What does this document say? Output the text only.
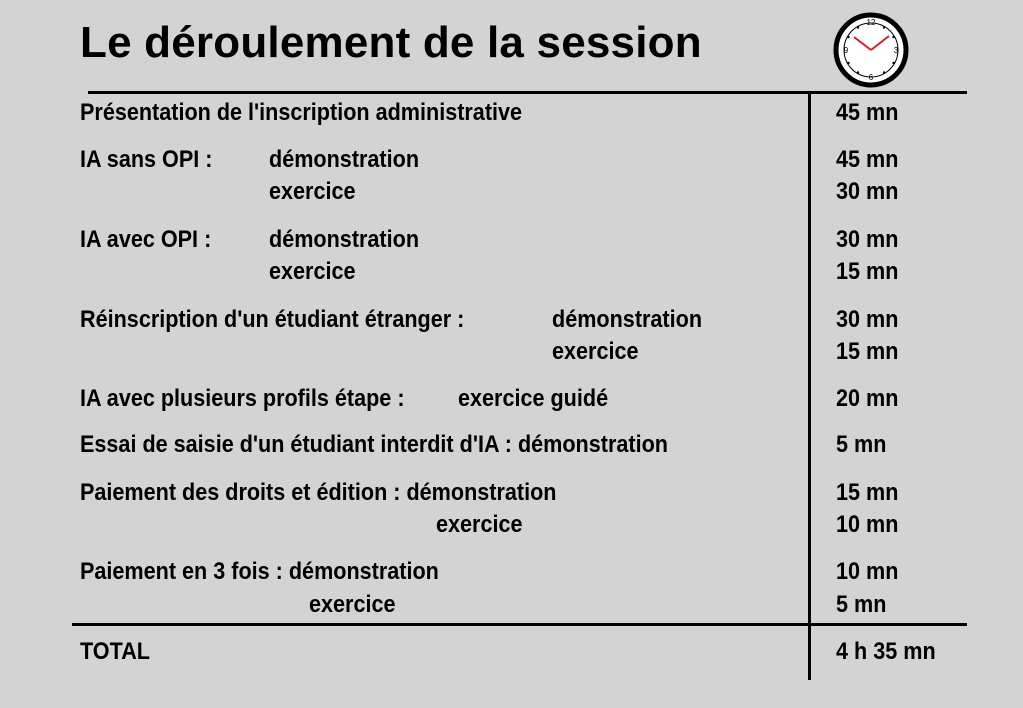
Le déroulement de la session	12
3
6
9
Présentation de l'inscription administrative	45 mn
IA sans OPI : démonstration	45 mn
exercice	30 mn
IA avec OPI : démonstration	30 mn
exercice	15 mn
Réinscription d'un étudiant étranger :	démonstration	30 mn
exercice	15 mn
IA avec plusieurs profils étape : exercice guidé	20 mn
Essai de saisie d'un étudiant interdit d'IA : démonstration	5 mn
Paiement des droits et édition : démonstration	15 mn
exercice	10 mn
Paiement en 3 fois : démonstration	10 mn
exercice	5 mn
TOTAL	4 h 35 mn
